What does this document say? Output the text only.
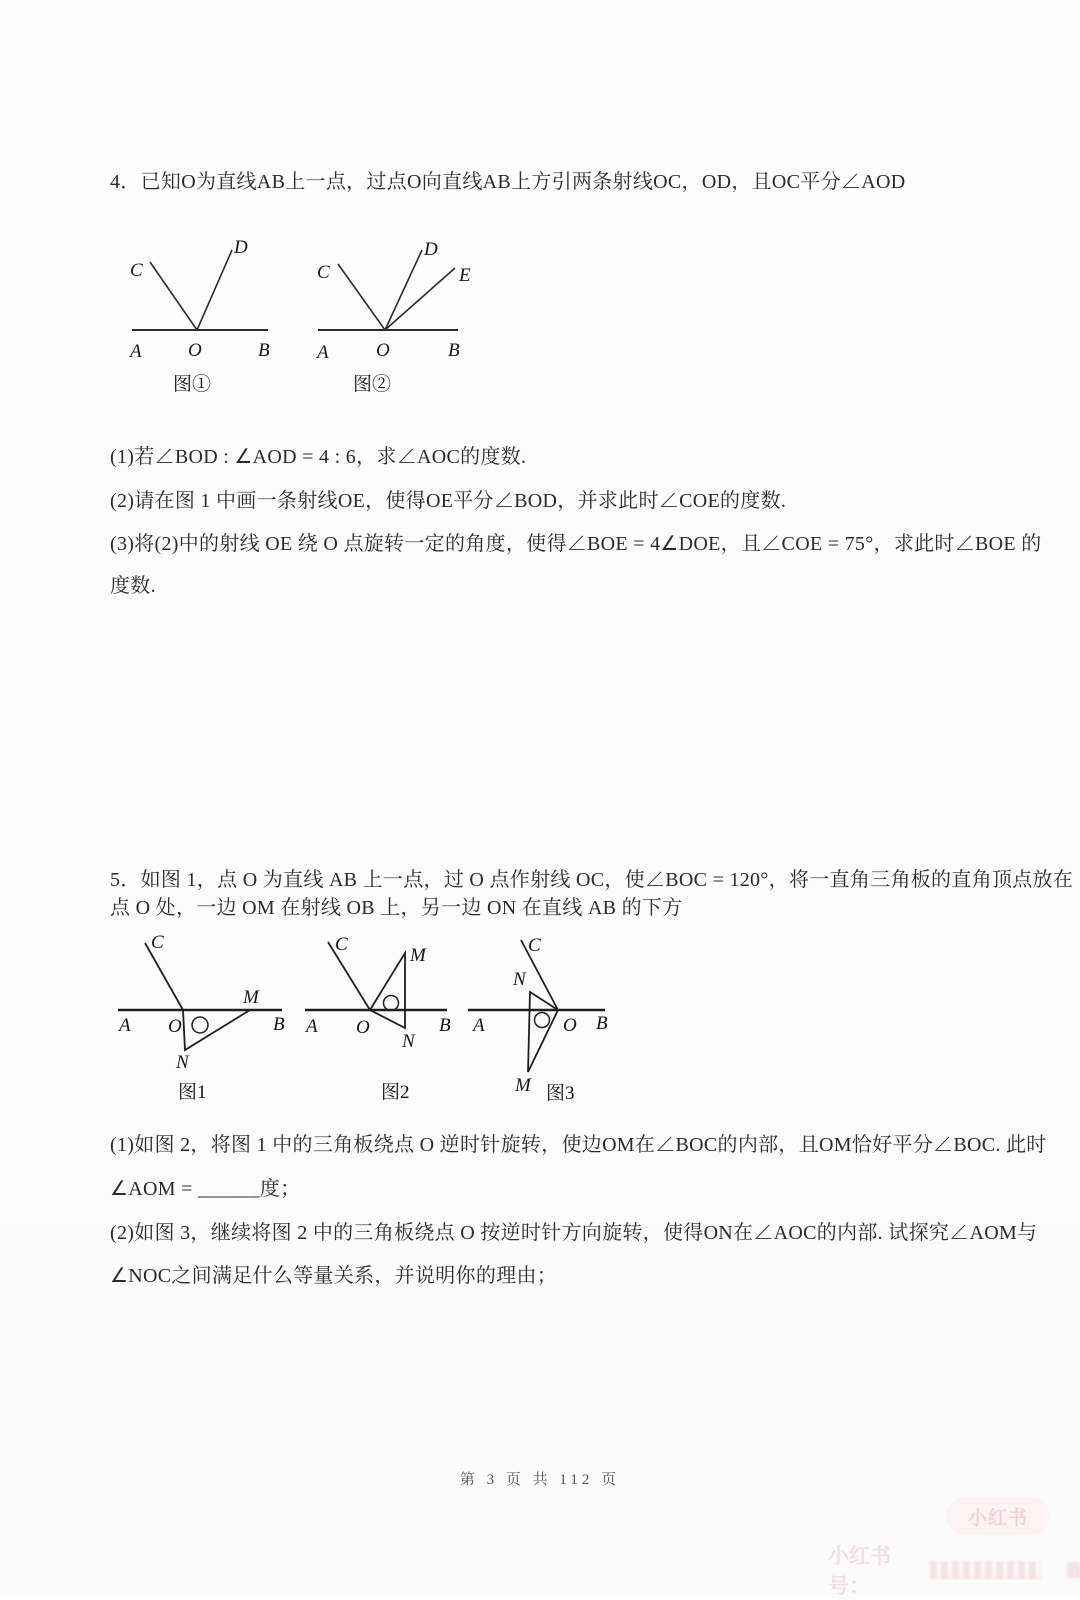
4．已知O为直线AB上一点，过点O向直线AB上方引两条射线OC，OD，且OC平分∠AOD
C
D
A O	B
图①
C
D
E
A O	B
图②
(1)若∠BOD : ∠AOD = 4 : 6，求∠AOC的度数.
(2)请在图 1 中画一条射线OE，使得OE平分∠BOD，并求此时∠COE的度数.
(3)将(2)中的射线 OE 绕 O 点旋转一定的角度，使得∠BOE = 4∠DOE，且∠COE = 75°，求此时∠BOE 的
度数.
5．如图 1，点 O 为直线 AB 上一点，过 O 点作射线 OC，使∠BOC = 120°，将一直角三角板的直角顶点放在
点 O 处，一边 OM 在射线 OB 上，另一边 ON 在直线 AB 的下方
C
M
A O	B
N
图1
C
M
A O	B
N
图2
C
N
A	O B
M 图3
(1)如图 2，将图 1 中的三角板绕点 O 逆时针旋转，使边OM在∠BOC的内部，且OM恰好平分∠BOC. 此时
∠AOM = ______度；
(2)如图 3，继续将图 2 中的三角板绕点 O 按逆时针方向旋转，使得ON在∠AOC的内部. 试探究∠AOM与
∠NOC之间满足什么等量关系，并说明你的理由；
第 3 页 共 112 页
小红书
小红书号：
